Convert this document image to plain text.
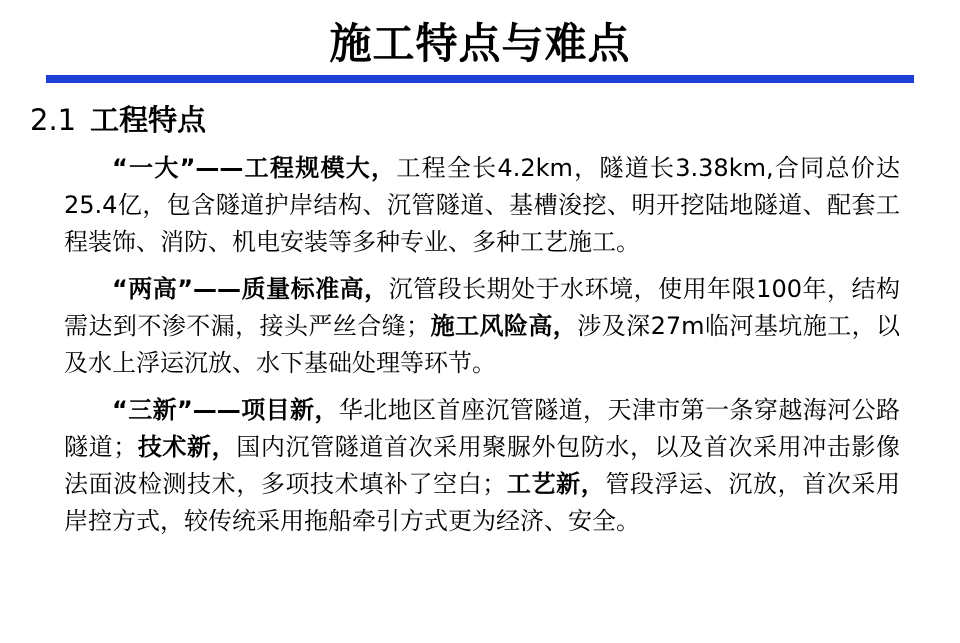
施工特点与难点
2.1 工程特点

“一大”——工程规模大，工程全长4.2km，隧道长3.38km,合同总价达25.4亿，包含隧道护岸结构、沉管隧道、基槽浚挖、明开挖陆地隧道、配套工程装饰、消防、机电安装等多种专业、多种工艺施工。

“两高”——质量标准高，沉管段长期处于水环境，使用年限100年，结构需达到不渗不漏，接头严丝合缝；施工风险高，涉及深27m临河基坑施工，以及水上浮运沉放、水下基础处理等环节。

“三新”——项目新，华北地区首座沉管隧道，天津市第一条穿越海河公路隧道；技术新，国内沉管隧道首次采用聚脲外包防水，以及首次采用冲击影像法面波检测技术，多项技术填补了空白；工艺新，管段浮运、沉放，首次采用岸控方式，较传统采用拖船牵引方式更为经济、安全。
